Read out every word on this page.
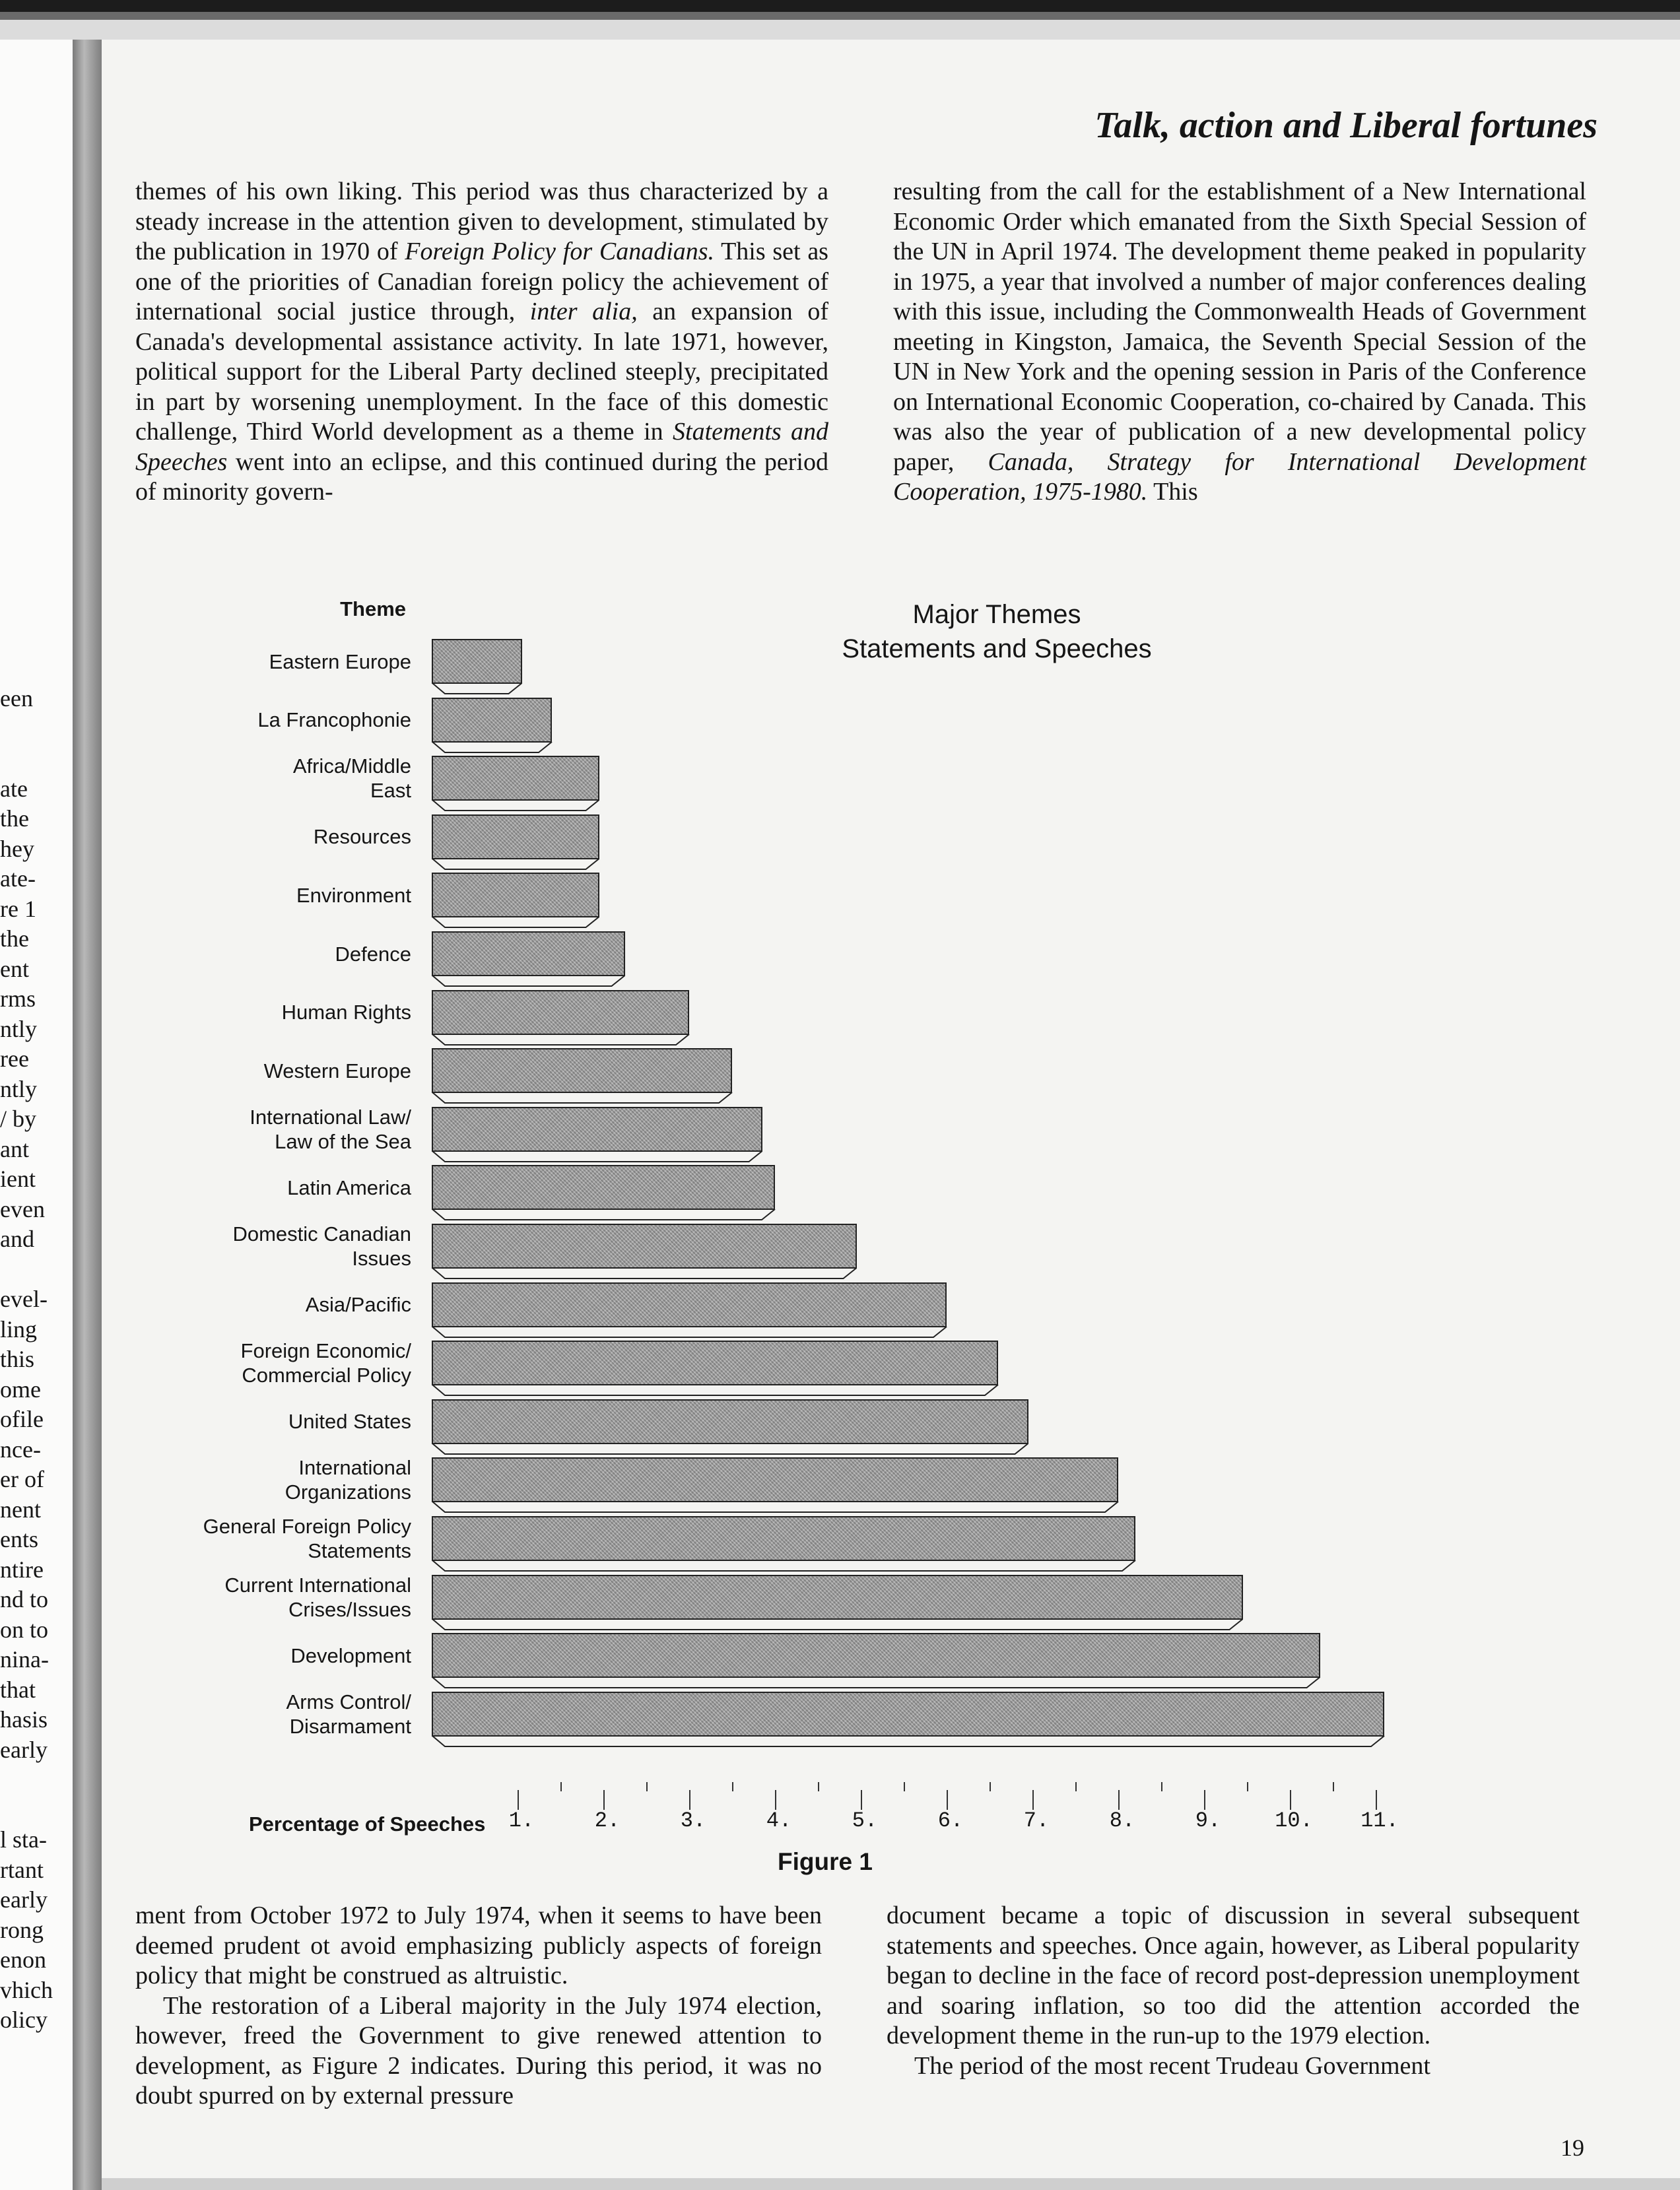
een
ate
the
hey
ate-
re 1
the
ent
rms
ntly
ree
ntly
/ by
ant
ient
even
and
evel-
ling
this
ome
ofile
nce-
er of
nent
ents
ntire
nd to
on to
nina-
that
hasis
early
l sta-
rtant
early
rong
enon
vhich
olicy
Talk, action and Liberal fortunes

themes of his own liking. This period was thus characterized by a steady increase in the attention given to development, stimulated by the publication in 1970 of Foreign Policy for Canadians. This set as one of the priorities of Canadian foreign policy the achievement of international social justice through, inter alia, an expansion of Canada's developmental assistance activity. In late 1971, however, political support for the Liberal Party declined steeply, precipitated in part by worsening unemployment. In the face of this domestic challenge, Third World development as a theme in Statements and Speeches went into an eclipse, and this continued during the period of minority govern-

resulting from the call for the establishment of a New International Economic Order which emanated from the Sixth Special Session of the UN in April 1974. The development theme peaked in popularity in 1975, a year that involved a number of major conferences dealing with this issue, including the Commonwealth Heads of Government meeting in Kingston, Jamaica, the Seventh Special Session of the UN in New York and the opening session in Paris of the Conference on International Economic Cooperation, co-chaired by Canada. This was also the year of publication of a new developmental policy paper, Canada, Strategy for International Development Cooperation, 1975-1980. This

Theme	Major Themes
Statements and Speeches
Eastern Europe
La Francophonie
Africa/Middle
East
Resources
Environment
Defence
Human Rights
Western Europe
International Law/
Law of the Sea
Latin America
Domestic Canadian
Issues
Asia/Pacific
Foreign Economic/
Commercial Policy
United States
International
Organizations
General Foreign Policy
Statements
Current International
Crises/Issues
Development
Arms Control/
Disarmament
1.	2.	3.	4.	5.	6.	7.	8.	9.	10. 11.
Percentage of Speeches
Figure 1

ment from October 1972 to July 1974, when it seems to have been deemed prudent ot avoid emphasizing publicly aspects of foreign policy that might be construed as altruistic.

The restoration of a Liberal majority in the July 1974 election, however, freed the Government to give renewed attention to development, as Figure 2 indicates. During this period, it was no doubt spurred on by external pressure

document became a topic of discussion in several subsequent statements and speeches. Once again, however, as Liberal popularity began to decline in the face of record post-depression unemployment and soaring inflation, so too did the attention accorded the development theme in the run-up to the 1979 election.

The period of the most recent Trudeau Government

19
